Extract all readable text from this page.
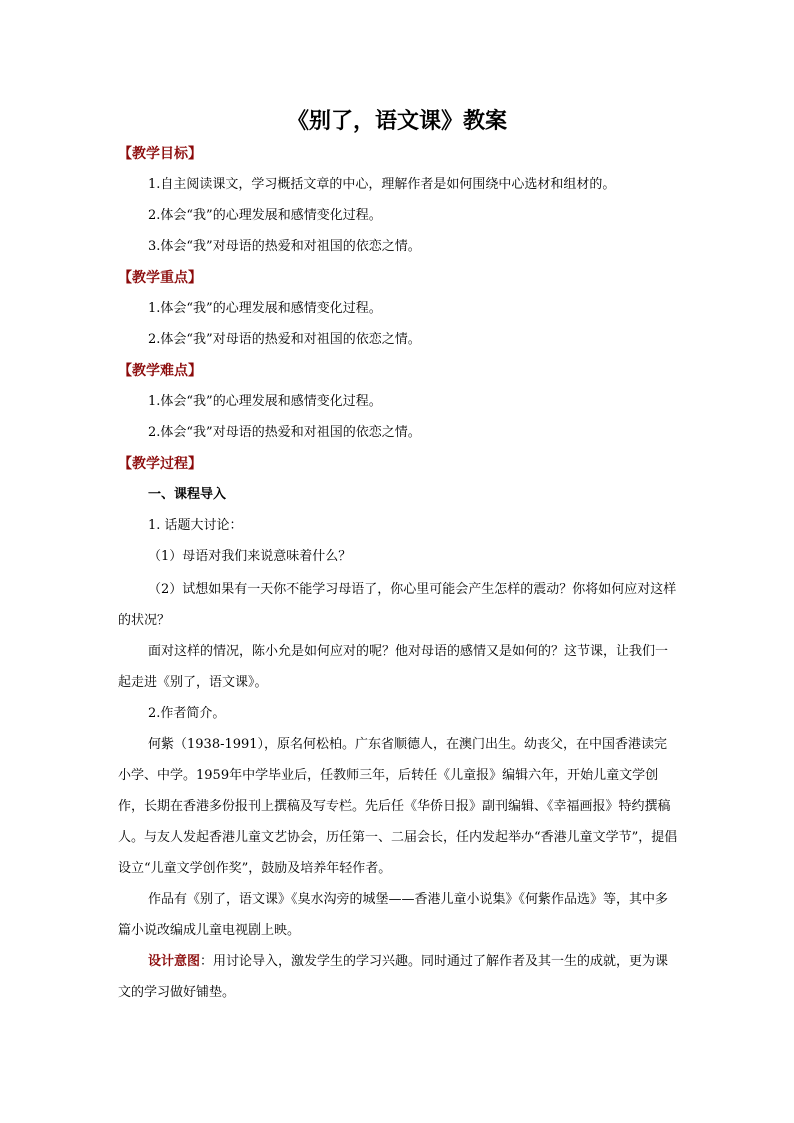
《别了，语文课》教案
【教学目标】
1.自主阅读课文，学习概括文章的中心，理解作者是如何围绕中心选材和组材的。
2.体会“我”的心理发展和感情变化过程。
3.体会“我”对母语的热爱和对祖国的依恋之情。
【教学重点】
1.体会“我”的心理发展和感情变化过程。
2.体会“我”对母语的热爱和对祖国的依恋之情。
【教学难点】
1.体会“我”的心理发展和感情变化过程。
2.体会“我”对母语的热爱和对祖国的依恋之情。
【教学过程】
一、课程导入
1. 话题大讨论：
（1）母语对我们来说意味着什么？

（2）试想如果有一天你不能学习母语了，你心里可能会产生怎样的震动？你将如何应对这样的状况？

面对这样的情况，陈小允是如何应对的呢？他对母语的感情又是如何的？这节课，让我们一起走进《别了，语文课》。

2.作者简介。

何紫（1938-1991），原名何松柏。广东省顺德人，在澳门出生。幼丧父，在中国香港读完小学、中学。1959年中学毕业后，任教师三年，后转任《儿童报》编辑六年，开始儿童文学创作，长期在香港多份报刊上撰稿及写专栏。先后任《华侨日报》副刊编辑、《幸福画报》特约撰稿人。与友人发起香港儿童文艺协会，历任第一、二届会长，任内发起举办“香港儿童文学节”，提倡设立“儿童文学创作奖”，鼓励及培养年轻作者。

作品有《别了，语文课》《臭水沟旁的城堡——香港儿童小说集》《何紫作品选》等，其中多篇小说改编成儿童电视剧上映。

设计意图：用讨论导入，激发学生的学习兴趣。同时通过了解作者及其一生的成就，更为课文的学习做好铺垫。
